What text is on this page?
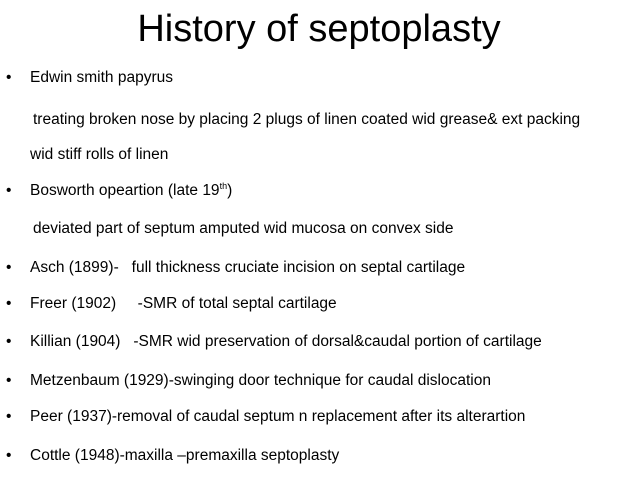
History of septoplasty
• Edwin smith papyrus
treating broken nose by placing 2 plugs of linen coated wid grease& ext packing
wid stiff rolls of linen
• Bosworth opeartion (late 19th)
deviated part of septum amputed wid mucosa on convex side
• Asch (1899)-   full thickness cruciate incision on septal cartilage
• Freer (1902)     -SMR of total septal cartilage
• Killian (1904)   -SMR wid preservation of dorsal&caudal portion of cartilage
• Metzenbaum (1929)-swinging door technique for caudal dislocation
• Peer (1937)-removal of caudal septum n replacement after its alterartion
• Cottle (1948)-maxilla –premaxilla septoplasty
